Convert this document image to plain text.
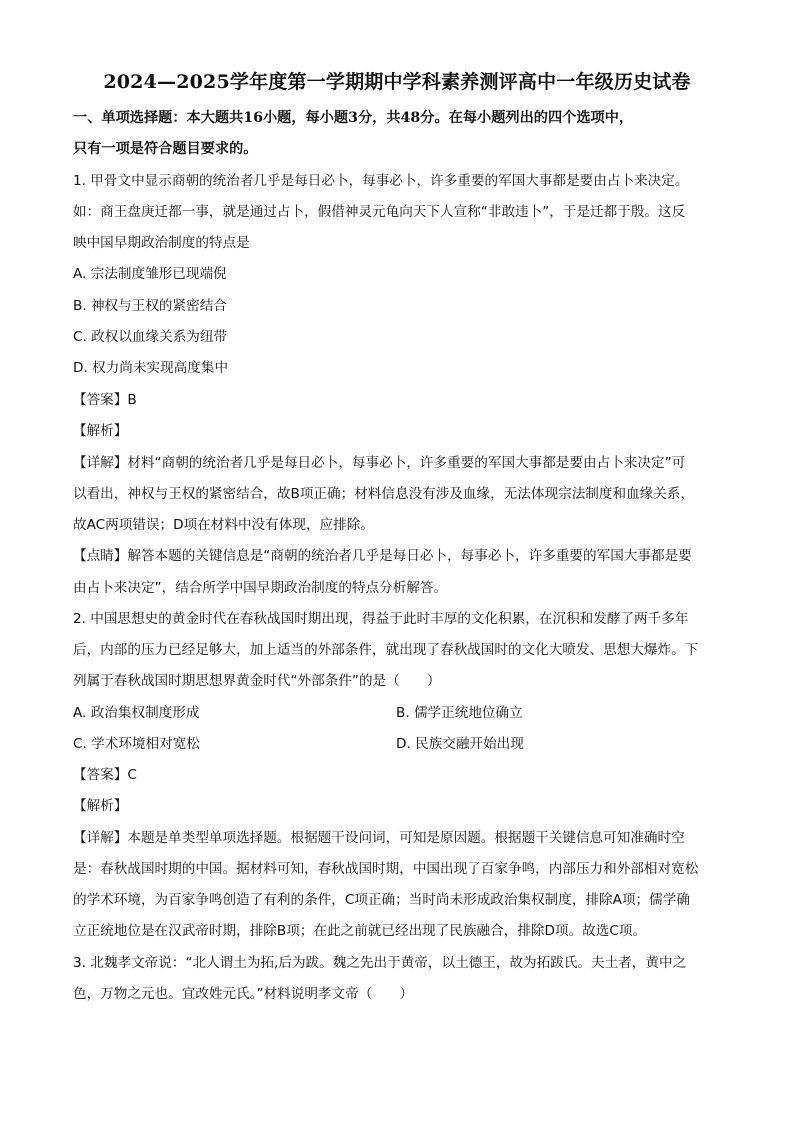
2024—2025学年度第一学期期中学科素养测评高中一年级历史试卷
一、单项选择题：本大题共16小题，每小题3分，共48分。在每小题列出的四个选项中，
只有一项是符合题目要求的。
1. 甲骨文中显示商朝的统治者几乎是每日必卜，每事必卜，许多重要的军国大事都是要由占卜来决定。
如：商王盘庚迁都一事，就是通过占卜，假借神灵元龟向天下人宣称“非敢违卜”，于是迁都于殷。这反
映中国早期政治制度的特点是
A. 宗法制度雏形已现端倪
B. 神权与王权的紧密结合
C. 政权以血缘关系为纽带
D. 权力尚未实现高度集中
【答案】B
【解析】
【详解】材料“商朝的统治者几乎是每日必卜，每事必卜，许多重要的军国大事都是要由占卜来决定”可
以看出，神权与王权的紧密结合，故B项正确；材料信息没有涉及血缘，无法体现宗法制度和血缘关系，
故AC两项错误；D项在材料中没有体现，应排除。
【点睛】解答本题的关键信息是“商朝的统治者几乎是每日必卜，每事必卜，许多重要的军国大事都是要
由占卜来决定”，结合所学中国早期政治制度的特点分析解答。
2. 中国思想史的黄金时代在春秋战国时期出现，得益于此时丰厚的文化积累，在沉积和发酵了两千多年
后，内部的压力已经足够大，加上适当的外部条件，就出现了春秋战国时的文化大喷发、思想大爆炸。下
列属于春秋战国时期思想界黄金时代“外部条件”的是（　　）
A. 政治集权制度形成	B. 儒学正统地位确立
C. 学术环境相对宽松	D. 民族交融开始出现
【答案】C
【解析】
【详解】本题是单类型单项选择题。根据题干设问词，可知是原因题。根据题干关键信息可知准确时空
是：春秋战国时期的中国。据材料可知，春秋战国时期，中国出现了百家争鸣，内部压力和外部相对宽松
的学术环境，为百家争鸣创造了有利的条件，C项正确；当时尚未形成政治集权制度，排除A项；儒学确
立正统地位是在汉武帝时期，排除B项；在此之前就已经出现了民族融合，排除D项。故选C项。
3. 北魏孝文帝说：“北人谓土为拓,后为跋。魏之先出于黄帝，以土德王，故为拓跋氏。夫土者，黄中之
色，万物之元也。宜改姓元氏。”材料说明孝文帝（　　）
